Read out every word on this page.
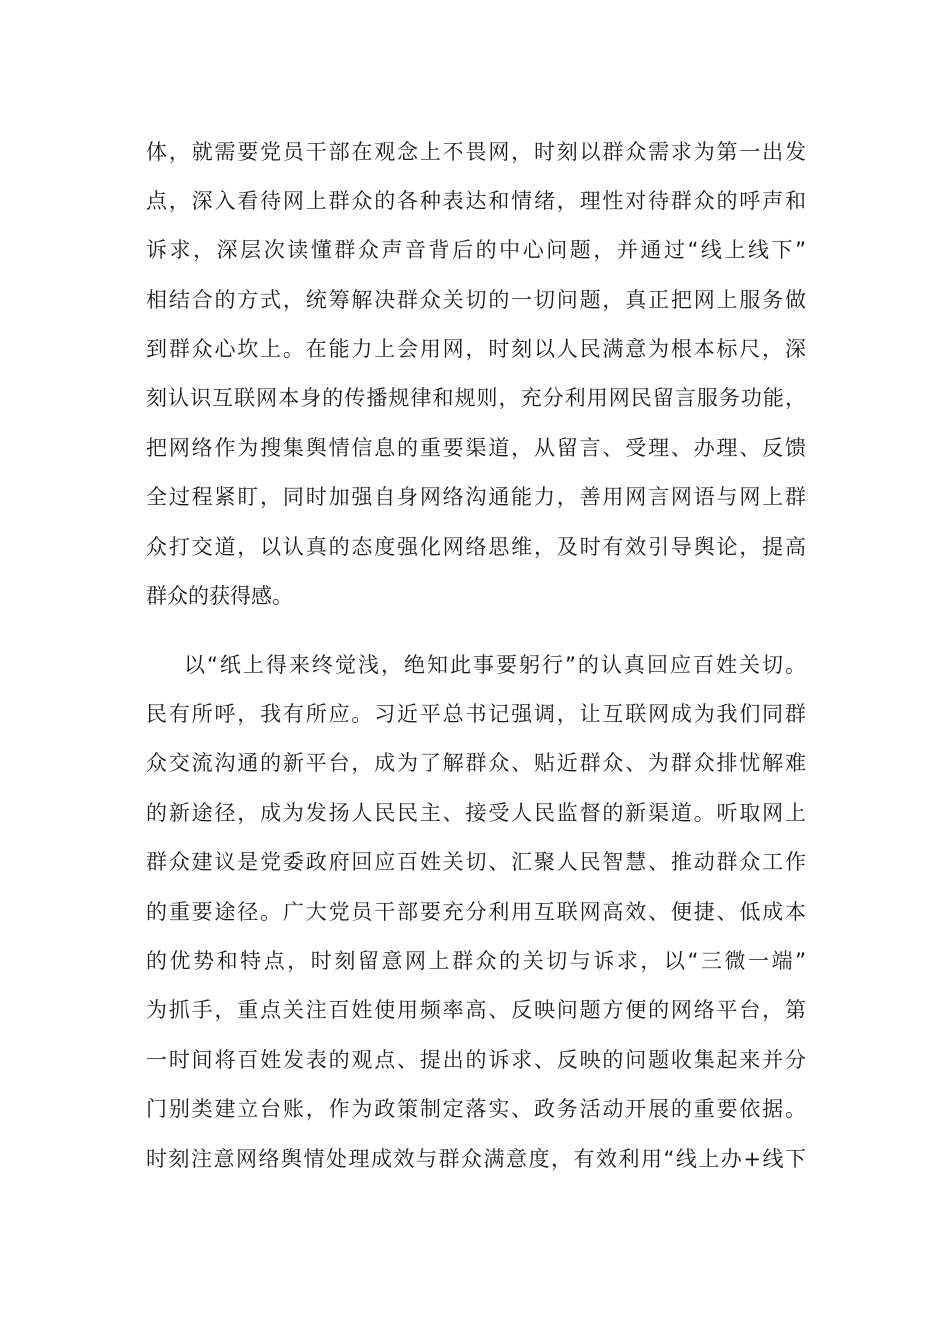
体，就需要党员干部在观念上不畏网，时刻以群众需求为第一出发
点，深入看待网上群众的各种表达和情绪，理性对待群众的呼声和
诉求，深层次读懂群众声音背后的中心问题，并通过“线上线下”
相结合的方式，统筹解决群众关切的一切问题，真正把网上服务做
到群众心坎上。在能力上会用网，时刻以人民满意为根本标尺，深
刻认识互联网本身的传播规律和规则，充分利用网民留言服务功能，
把网络作为搜集舆情信息的重要渠道，从留言、受理、办理、反馈
全过程紧盯，同时加强自身网络沟通能力，善用网言网语与网上群
众打交道，以认真的态度强化网络思维，及时有效引导舆论，提高
群众的获得感。
以“纸上得来终觉浅，绝知此事要躬行”的认真回应百姓关切。
民有所呼，我有所应。习近平总书记强调，让互联网成为我们同群
众交流沟通的新平台，成为了解群众、贴近群众、为群众排忧解难
的新途径，成为发扬人民民主、接受人民监督的新渠道。听取网上
群众建议是党委政府回应百姓关切、汇聚人民智慧、推动群众工作
的重要途径。广大党员干部要充分利用互联网高效、便捷、低成本
的优势和特点，时刻留意网上群众的关切与诉求，以“三微一端”
为抓手，重点关注百姓使用频率高、反映问题方便的网络平台，第
一时间将百姓发表的观点、提出的诉求、反映的问题收集起来并分
门别类建立台账，作为政策制定落实、政务活动开展的重要依据。
时刻注意网络舆情处理成效与群众满意度，有效利用“线上办+线下
